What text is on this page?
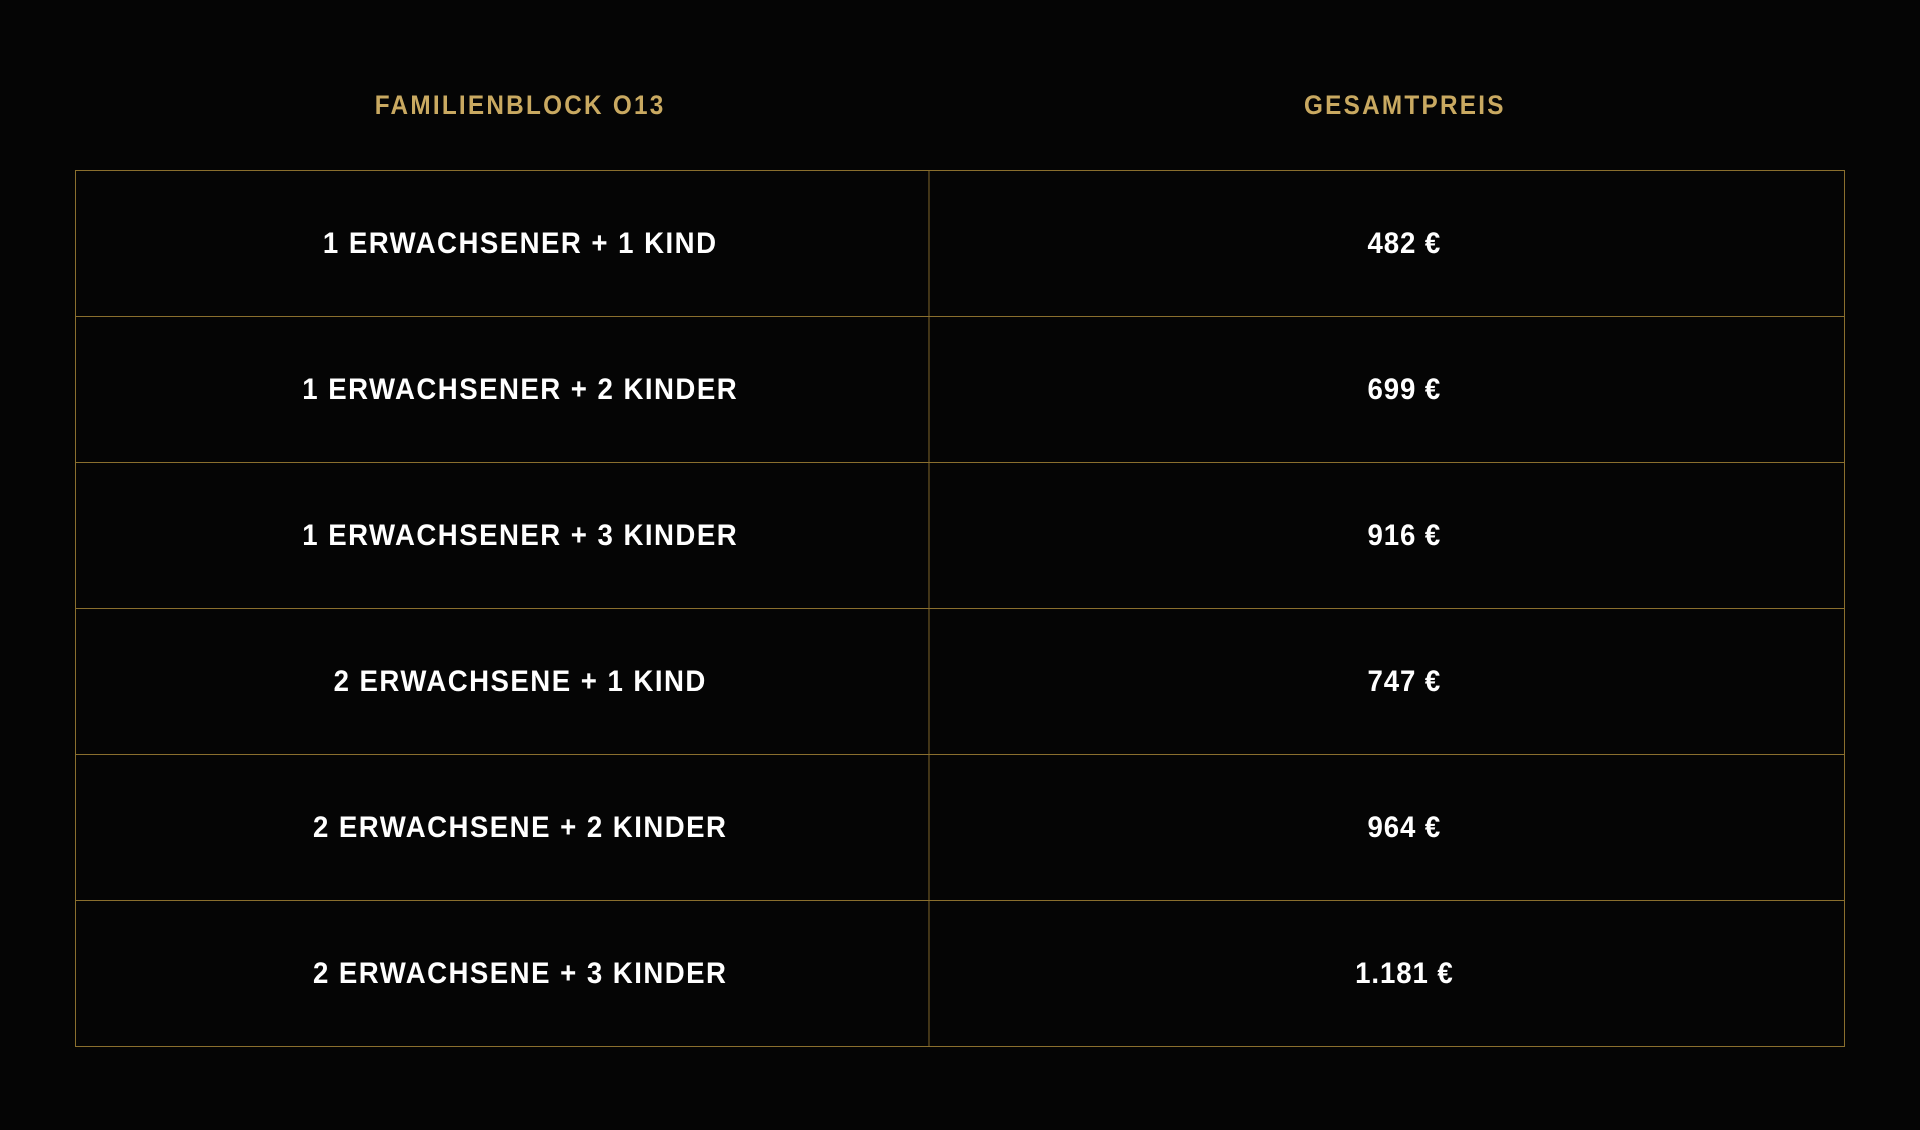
FAMILIENBLOCK O13	GESAMTPREIS
1 ERWACHSENER + 1 KIND	482 €
1 ERWACHSENER + 2 KINDER	699 €
1 ERWACHSENER + 3 KINDER	916 €
2 ERWACHSENE + 1 KIND	747 €
2 ERWACHSENE + 2 KINDER	964 €
2 ERWACHSENE + 3 KINDER	1.181 €
